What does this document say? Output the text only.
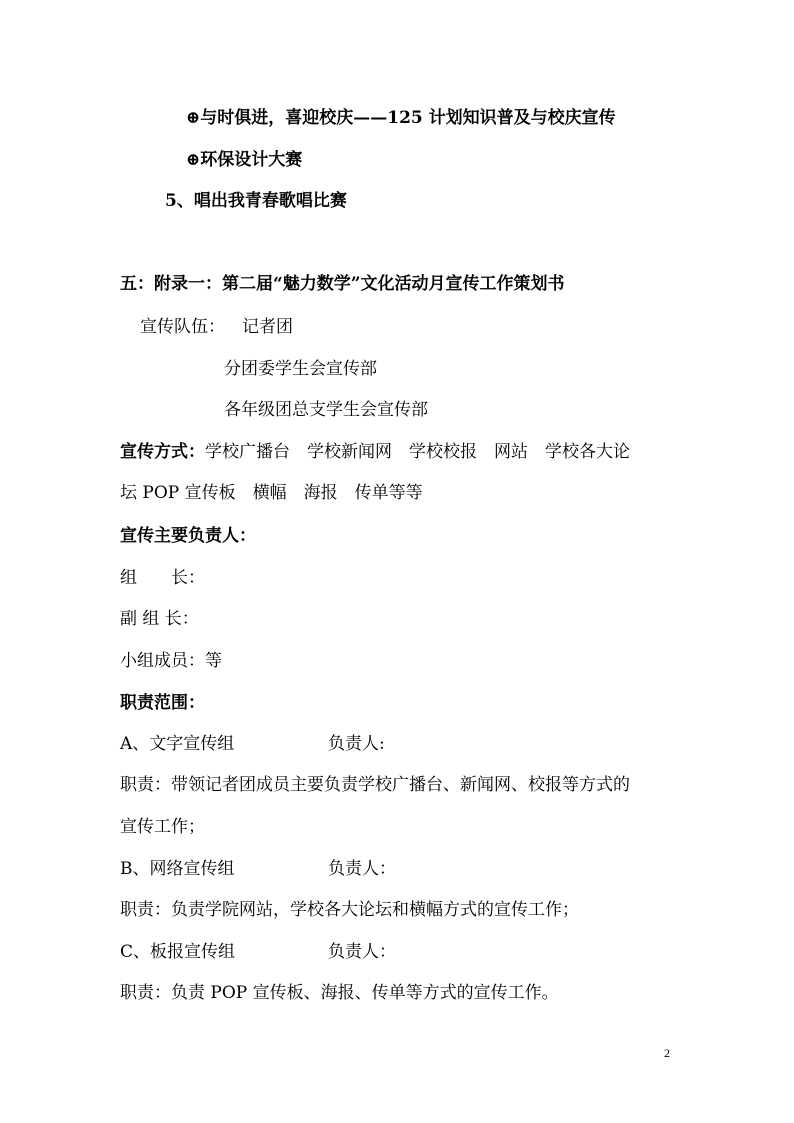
⊕与时俱进，喜迎校庆——125 计划知识普及与校庆宣传
⊕环保设计大赛
5、唱出我青春歌唱比赛
五：附录一：第二届“魅力数学”文化活动月宣传工作策划书
宣传队伍： 记者团
分团委学生会宣传部
各年级团总支学生会宣传部
宣传方式：学校广播台　学校新闻网　学校校报　网站　学校各大论
坛 POP 宣传板　横幅　海报　传单等等
宣传主要负责人：
组　　长：
副 组 长：
小组成员：等
职责范围：
A、文字宣传组	负责人:
职责：带领记者团成员主要负责学校广播台、新闻网、校报等方式的
宣传工作；
B、网络宣传组	负责人：
职责：负责学院网站，学校各大论坛和横幅方式的宣传工作；
C、板报宣传组	负责人：
职责：负责 POP 宣传板、海报、传单等方式的宣传工作。
2
